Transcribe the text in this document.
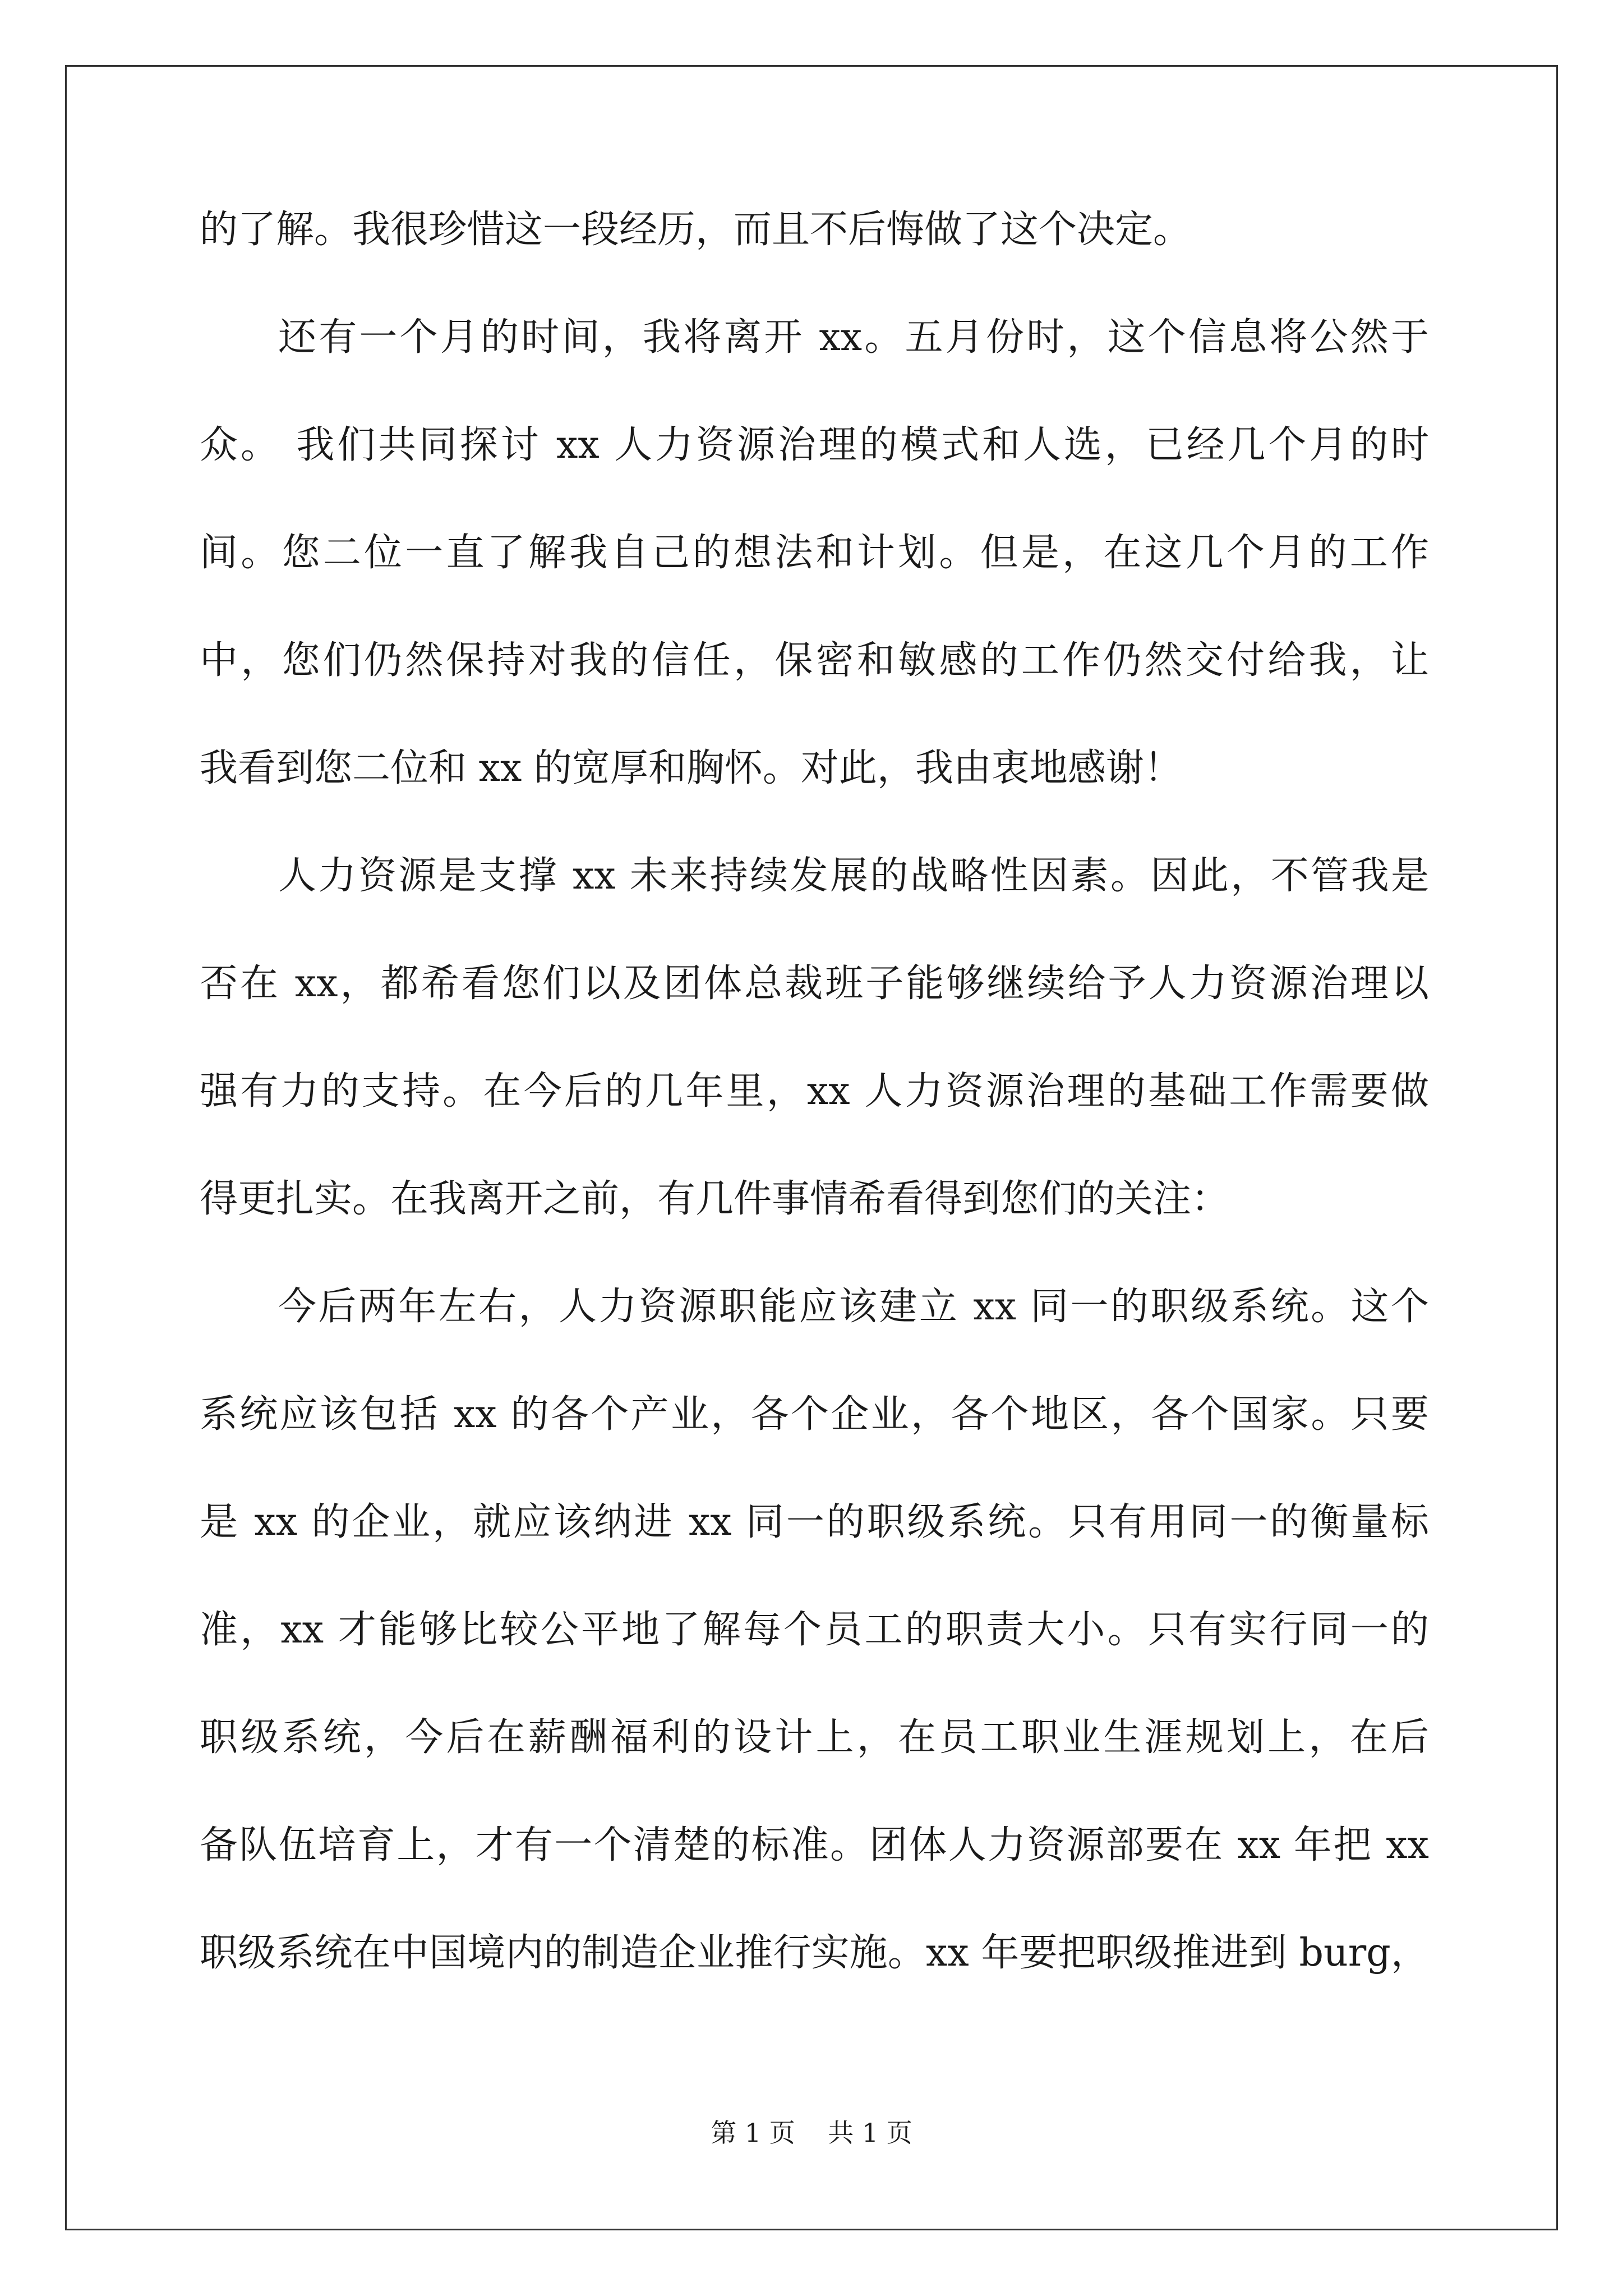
的了解。我很珍惜这一段经历，而且不后悔做了这个决定。
还有一个月的时间，我将离开 xx。五月份时，这个信息将公然于
众。 我们共同探讨 xx 人力资源治理的模式和人选，已经几个月的时
间。您二位一直了解我自己的想法和计划。但是，在这几个月的工作
中，您们仍然保持对我的信任，保密和敏感的工作仍然交付给我，让
我看到您二位和 xx 的宽厚和胸怀。对此，我由衷地感谢！
人力资源是支撑 xx 未来持续发展的战略性因素。因此，不管我是
否在 xx，都希看您们以及团体总裁班子能够继续给予人力资源治理以
强有力的支持。在今后的几年里，xx 人力资源治理的基础工作需要做
得更扎实。在我离开之前，有几件事情希看得到您们的关注：
今后两年左右，人力资源职能应该建立 xx 同一的职级系统。这个
系统应该包括 xx 的各个产业，各个企业，各个地区，各个国家。只要
是 xx 的企业，就应该纳进 xx 同一的职级系统。只有用同一的衡量标
准，xx 才能够比较公平地了解每个员工的职责大小。只有实行同一的
职级系统，今后在薪酬福利的设计上，在员工职业生涯规划上，在后
备队伍培育上，才有一个清楚的标准。团体人力资源部要在 xx 年把 xx
职级系统在中国境内的制造企业推行实施。xx 年要把职级推进到 burg，
第 1 页    共 1 页
